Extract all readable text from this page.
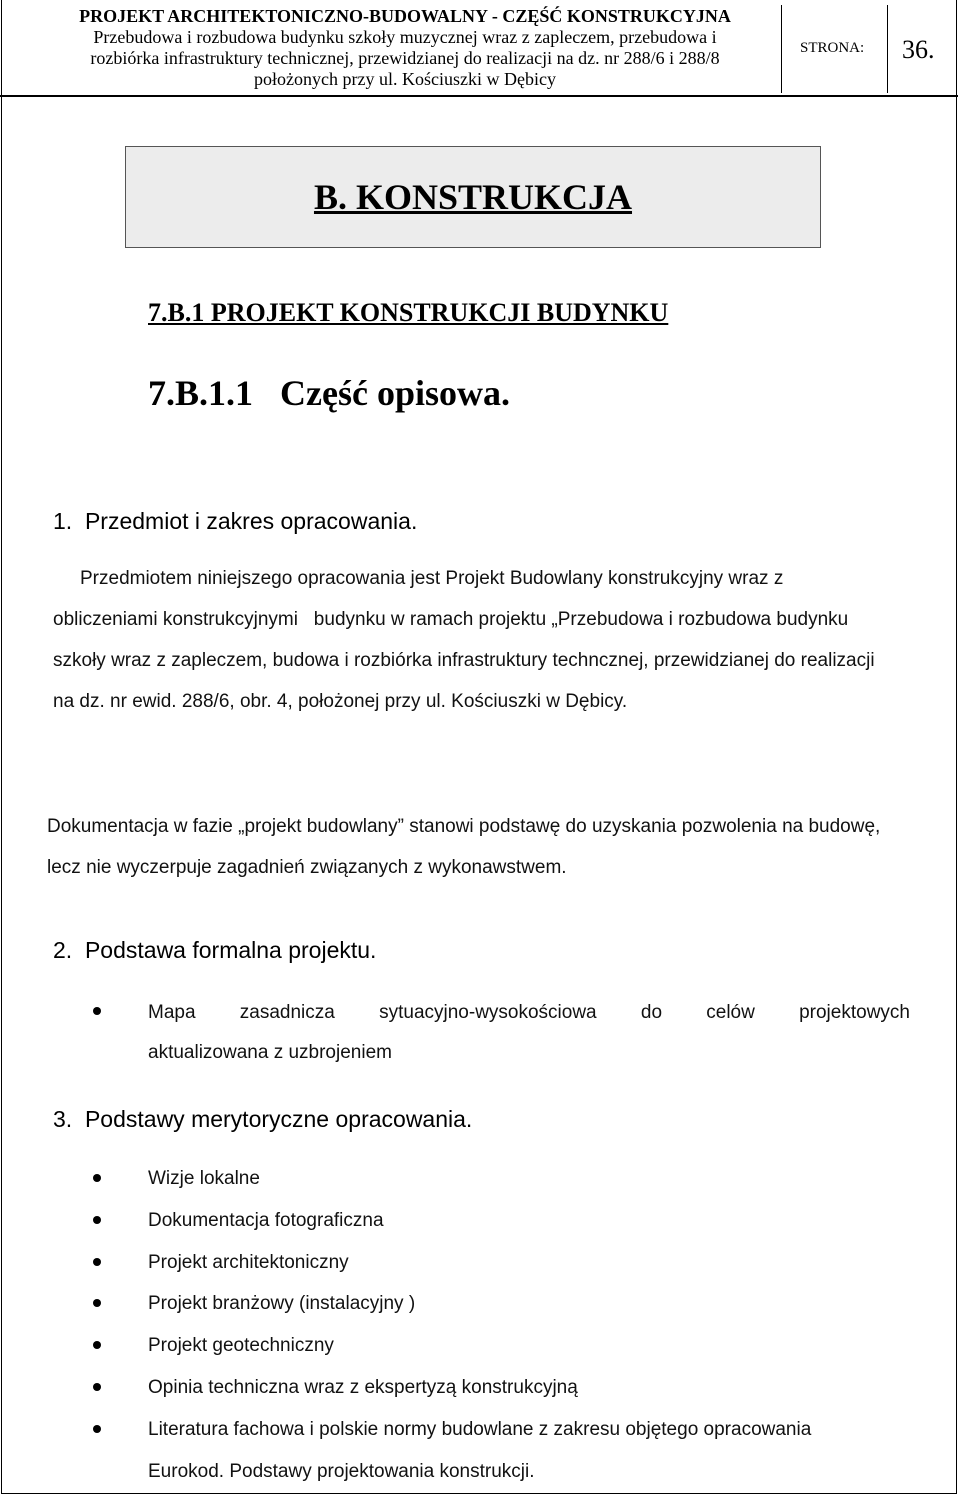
PROJEKT ARCHITEKTONICZNO-BUDOWALNY - CZĘŚĆ KONSTRUKCYJNA
Przebudowa i rozbudowa budynku szkoły muzycznej wraz z zapleczem, przebudowa i
rozbiórka infrastruktury technicznej, przewidzianej do realizacji na dz. nr 288/6 i 288/8
położonych przy ul. Kościuszki w Dębicy
STRONA: 36.
B. KONSTRUKCJA
7.B.1 PROJEKT KONSTRUKCJI BUDYNKU
7.B.1.1   Część opisowa.
1.  Przedmiot i zakres opracowania.
Przedmiotem niniejszego opracowania jest Projekt Budowlany konstrukcyjny wraz z obliczeniami konstrukcyjnymi   budynku w ramach projektu „Przebudowa i rozbudowa budynku szkoły wraz z zapleczem, budowa i rozbiórka infrastruktury techncznej, przewidzianej do realizacji na dz. nr ewid. 288/6, obr. 4, położonej przy ul. Kościuszki w Dębicy.
Dokumentacja w fazie „projekt budowlany” stanowi podstawę do uzyskania pozwolenia na budowę, lecz nie wyczerpuje zagadnień związanych z wykonawstwem.
2.  Podstawa formalna projektu.
Mapa zasadnicza sytuacyjno-wysokościowa do celów projektowych
aktualizowana z uzbrojeniem
3.  Podstawy merytoryczne opracowania.
Wizje lokalne
Dokumentacja fotograficzna
Projekt architektoniczny
Projekt branżowy (instalacyjny )
Projekt geotechniczny
Opinia techniczna wraz z ekspertyzą konstrukcyjną
Literatura fachowa i polskie normy budowlane z zakresu objętego opracowania
Eurokod. Podstawy projektowania konstrukcji.
